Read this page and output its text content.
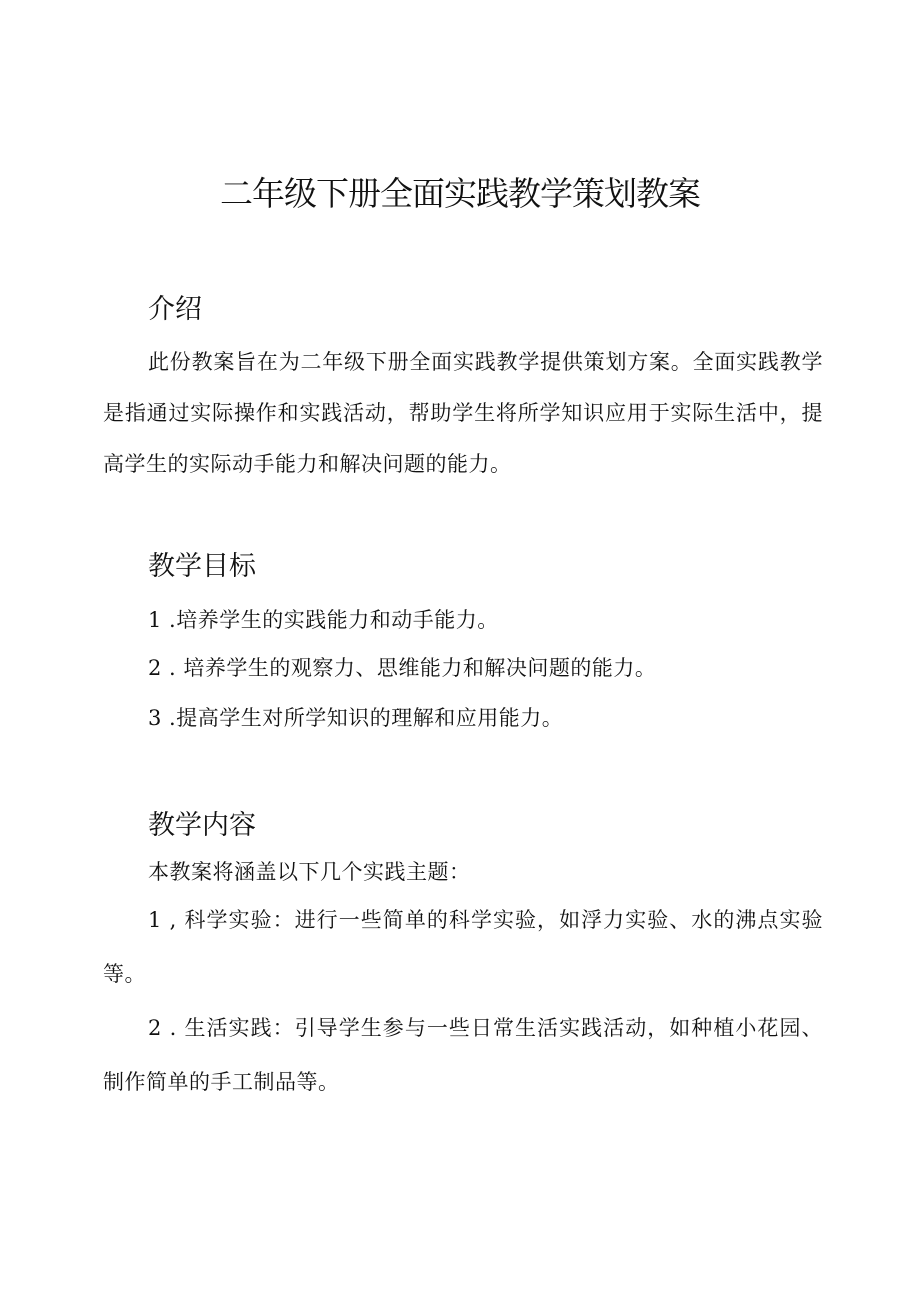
二年级下册全面实践教学策划教案
介绍

此份教案旨在为二年级下册全面实践教学提供策划方案。全面实践教学是指通过实际操作和实践活动，帮助学生将所学知识应用于实际生活中，提高学生的实际动手能力和解决问题的能力。

教学目标

1 .培养学生的实践能力和动手能力。

2 . 培养学生的观察力、思维能力和解决问题的能力。

3 .提高学生对所学知识的理解和应用能力。

教学内容

本教案将涵盖以下几个实践主题：

1 , 科学实验：进行一些简单的科学实验，如浮力实验、水的沸点实验等。

2 . 生活实践：引导学生参与一些日常生活实践活动，如种植小花园、制作简单的手工制品等。
